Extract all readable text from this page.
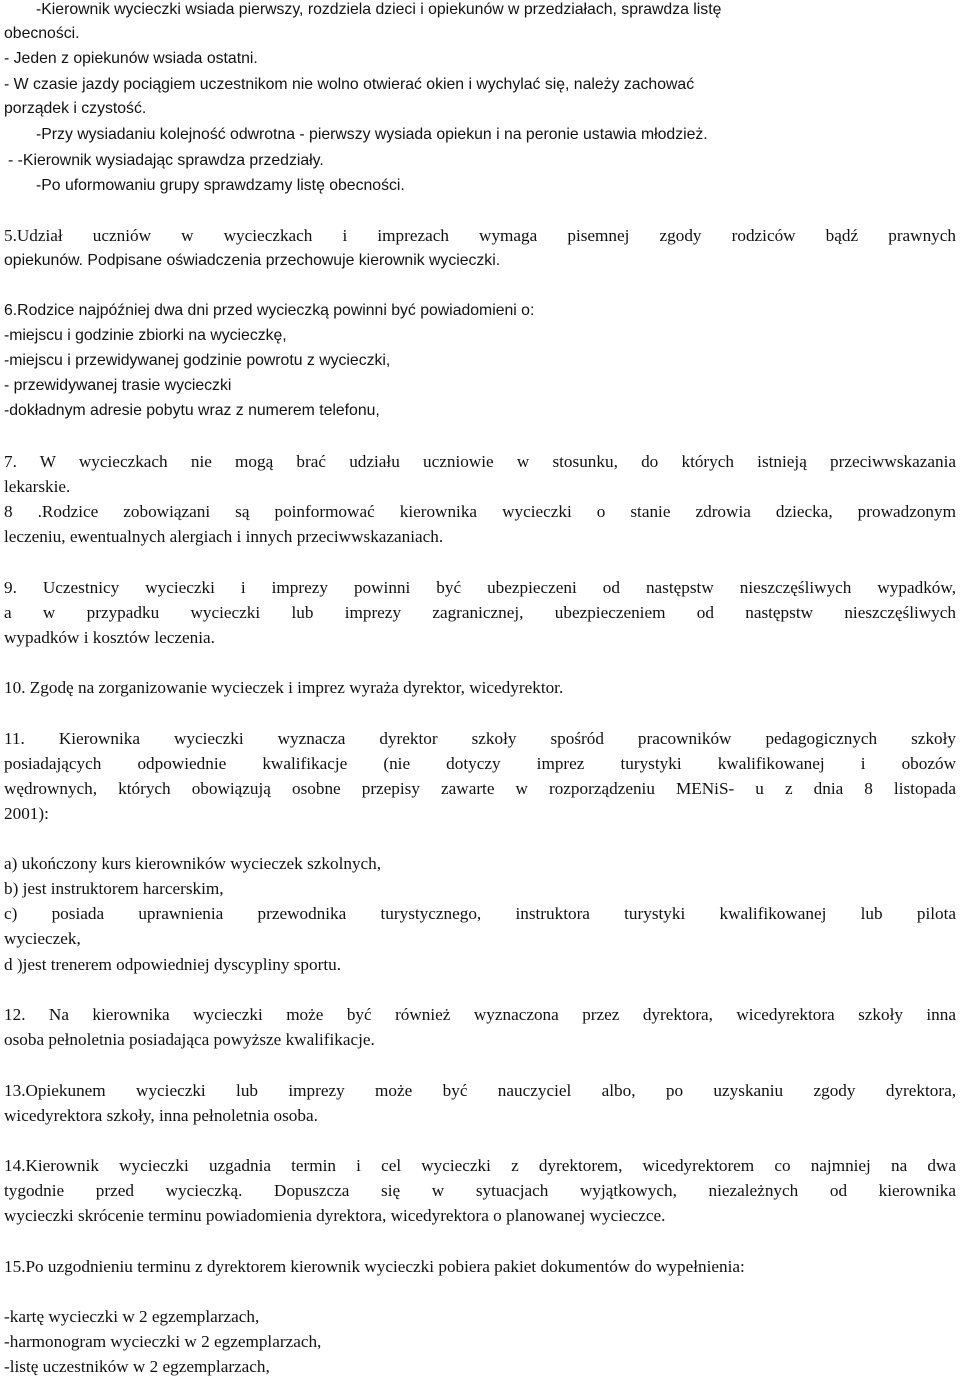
-Kierownik wycieczki wsiada pierwszy, rozdziela dzieci i opiekunów w przedziałach, sprawdza listę
obecności.
- Jeden z opiekunów wsiada ostatni.
- W czasie jazdy pociągiem uczestnikom nie wolno otwierać okien i wychylać się, należy zachować
porządek i czystość.
-Przy wysiadaniu kolejność odwrotna - pierwszy wysiada opiekun i na peronie ustawia młodzież.
- -Kierownik wysiadając sprawdza przedziały.
-Po uformowaniu grupy sprawdzamy listę obecności.
5.Udział uczniów w wycieczkach i imprezach wymaga pisemnej zgody rodziców bądź prawnych
opiekunów. Podpisane oświadczenia przechowuje kierownik wycieczki.
6.Rodzice najpóźniej dwa dni przed wycieczką powinni być powiadomieni o:
-miejscu i godzinie zbiorki na wycieczkę,
-miejscu i przewidywanej godzinie powrotu z wycieczki,
- przewidywanej trasie wycieczki
-dokładnym adresie pobytu wraz z numerem telefonu,
7. W wycieczkach nie mogą brać udziału uczniowie w stosunku, do których istnieją przeciwwskazania
lekarskie.
8 .Rodzice zobowiązani są poinformować kierownika wycieczki o stanie zdrowia dziecka, prowadzonym
leczeniu, ewentualnych alergiach i innych przeciwwskazaniach.
9. Uczestnicy wycieczki i imprezy powinni być ubezpieczeni od następstw nieszczęśliwych wypadków,
a w przypadku wycieczki lub imprezy zagranicznej, ubezpieczeniem od następstw nieszczęśliwych
wypadków i kosztów leczenia.
10. Zgodę na zorganizowanie wycieczek i imprez wyraża dyrektor, wicedyrektor.
11. Kierownika wycieczki wyznacza dyrektor szkoły spośród pracowników pedagogicznych szkoły
posiadających odpowiednie kwalifikacje (nie dotyczy imprez turystyki kwalifikowanej i obozów
wędrownych, których obowiązują osobne przepisy zawarte w rozporządzeniu MENiS- u z dnia 8 listopada
2001):
a) ukończony kurs kierowników wycieczek szkolnych,
b) jest instruktorem harcerskim,
c) posiada uprawnienia przewodnika turystycznego, instruktora turystyki kwalifikowanej lub pilota
wycieczek,
d )jest trenerem odpowiedniej dyscypliny sportu.
12. Na kierownika wycieczki może być również wyznaczona przez dyrektora, wicedyrektora szkoły inna
osoba pełnoletnia posiadająca powyższe kwalifikacje.
13.Opiekunem wycieczki lub imprezy może być nauczyciel albo, po uzyskaniu zgody dyrektora,
wicedyrektora szkoły, inna pełnoletnia osoba.
14.Kierownik wycieczki uzgadnia termin i cel wycieczki z dyrektorem, wicedyrektorem co najmniej na dwa
tygodnie przed wycieczką. Dopuszcza się w sytuacjach wyjątkowych, niezależnych od kierownika
wycieczki skrócenie terminu powiadomienia dyrektora, wicedyrektora o planowanej wycieczce.
15.Po uzgodnieniu terminu z dyrektorem kierownik wycieczki pobiera pakiet dokumentów do wypełnienia:
-kartę wycieczki w 2 egzemplarzach,
-harmonogram wycieczki w 2 egzemplarzach,
-listę uczestników w 2 egzemplarzach,
